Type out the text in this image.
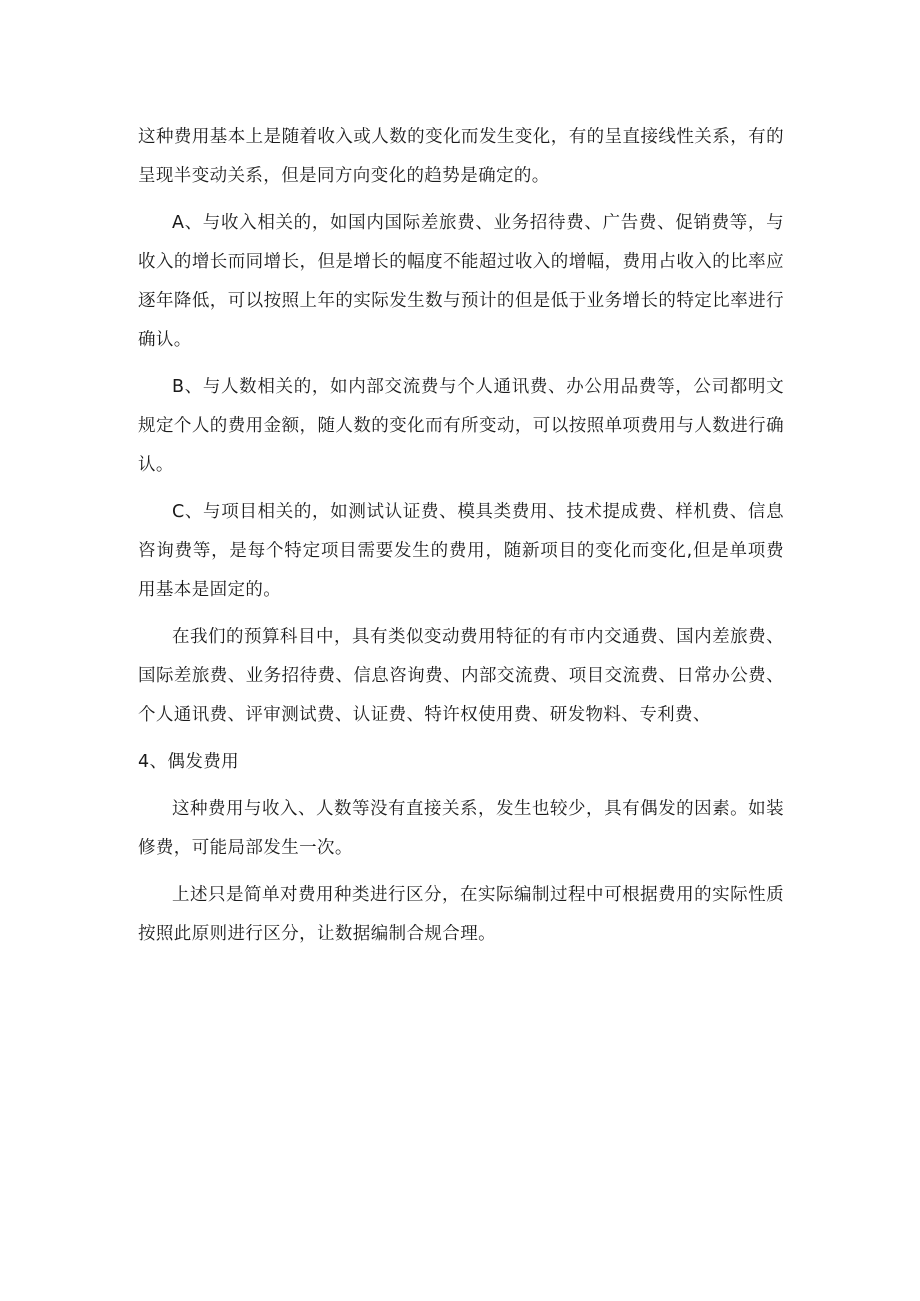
这种费用基本上是随着收入或人数的变化而发生变化，有的呈直接线性关系，有的呈现半变动关系，但是同方向变化的趋势是确定的。

A、与收入相关的，如国内国际差旅费、业务招待费、广告费、促销费等，与收入的增长而同增长，但是增长的幅度不能超过收入的增幅，费用占收入的比率应逐年降低，可以按照上年的实际发生数与预计的但是低于业务增长的特定比率进行确认。

B、与人数相关的，如内部交流费与个人通讯费、办公用品费等，公司都明文规定个人的费用金额，随人数的变化而有所变动，可以按照单项费用与人数进行确认。

C、与项目相关的，如测试认证费、模具类费用、技术提成费、样机费、信息咨询费等，是每个特定项目需要发生的费用，随新项目的变化而变化,但是单项费用基本是固定的。

在我们的预算科目中，具有类似变动费用特征的有市内交通费、国内差旅费、国际差旅费、业务招待费、信息咨询费、内部交流费、项目交流费、日常办公费、个人通讯费、评审测试费、认证费、特许权使用费、研发物料、专利费、

4、偶发费用

这种费用与收入、人数等没有直接关系，发生也较少，具有偶发的因素。如装修费，可能局部发生一次。

上述只是简单对费用种类进行区分，在实际编制过程中可根据费用的实际性质按照此原则进行区分，让数据编制合规合理。
